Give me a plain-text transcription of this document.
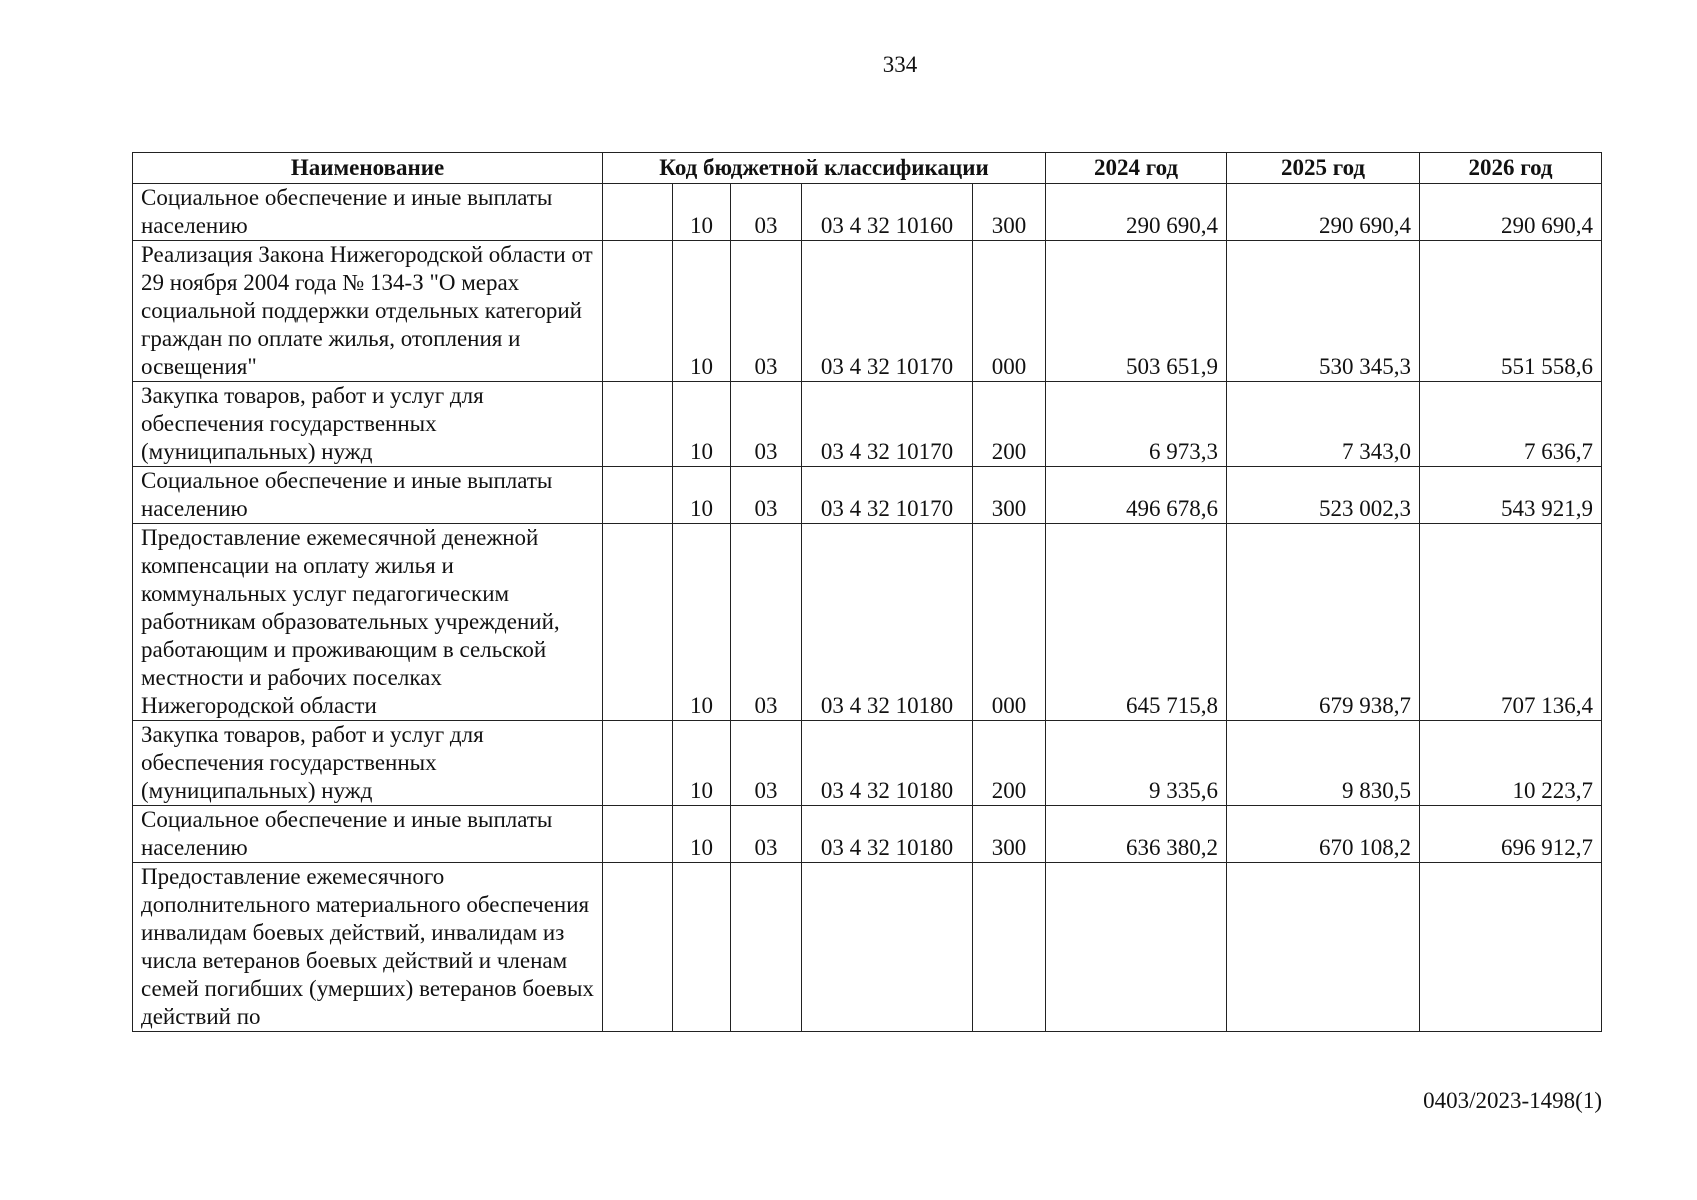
334
Наименование	Код бюджетной классификации					2024 год	2025 год	2026 год
Социальное обеспечение и иные выплаты населению		10	03	03 4 32 10160	300	290 690,4	290 690,4	290 690,4
Реализация Закона Нижегородской области от 29 ноября 2004 года № 134-З "О мерах социальной поддержки отдельных категорий граждан по оплате жилья, отопления и освещения"		10	03	03 4 32 10170	000	503 651,9	530 345,3	551 558,6
Закупка товаров, работ и услуг для обеспечения государственных (муниципальных) нужд		10	03	03 4 32 10170	200	6 973,3	7 343,0	7 636,7
Социальное обеспечение и иные выплаты населению		10	03	03 4 32 10170	300	496 678,6	523 002,3	543 921,9
Предоставление ежемесячной денежной компенсации на оплату жилья и коммунальных услуг педагогическим работникам образовательных учреждений, работающим и проживающим в сельской местности и рабочих поселках Нижегородской области		10	03	03 4 32 10180	000	645 715,8	679 938,7	707 136,4
Закупка товаров, работ и услуг для обеспечения государственных (муниципальных) нужд		10	03	03 4 32 10180	200	9 335,6	9 830,5	10 223,7
Социальное обеспечение и иные выплаты населению		10	03	03 4 32 10180	300	636 380,2	670 108,2	696 912,7
Предоставление ежемесячного дополнительного материального обеспечения инвалидам боевых действий, инвалидам из числа ветеранов боевых действий и членам семей погибших (умерших) ветеранов боевых действий по								
0403/2023-1498(1)
